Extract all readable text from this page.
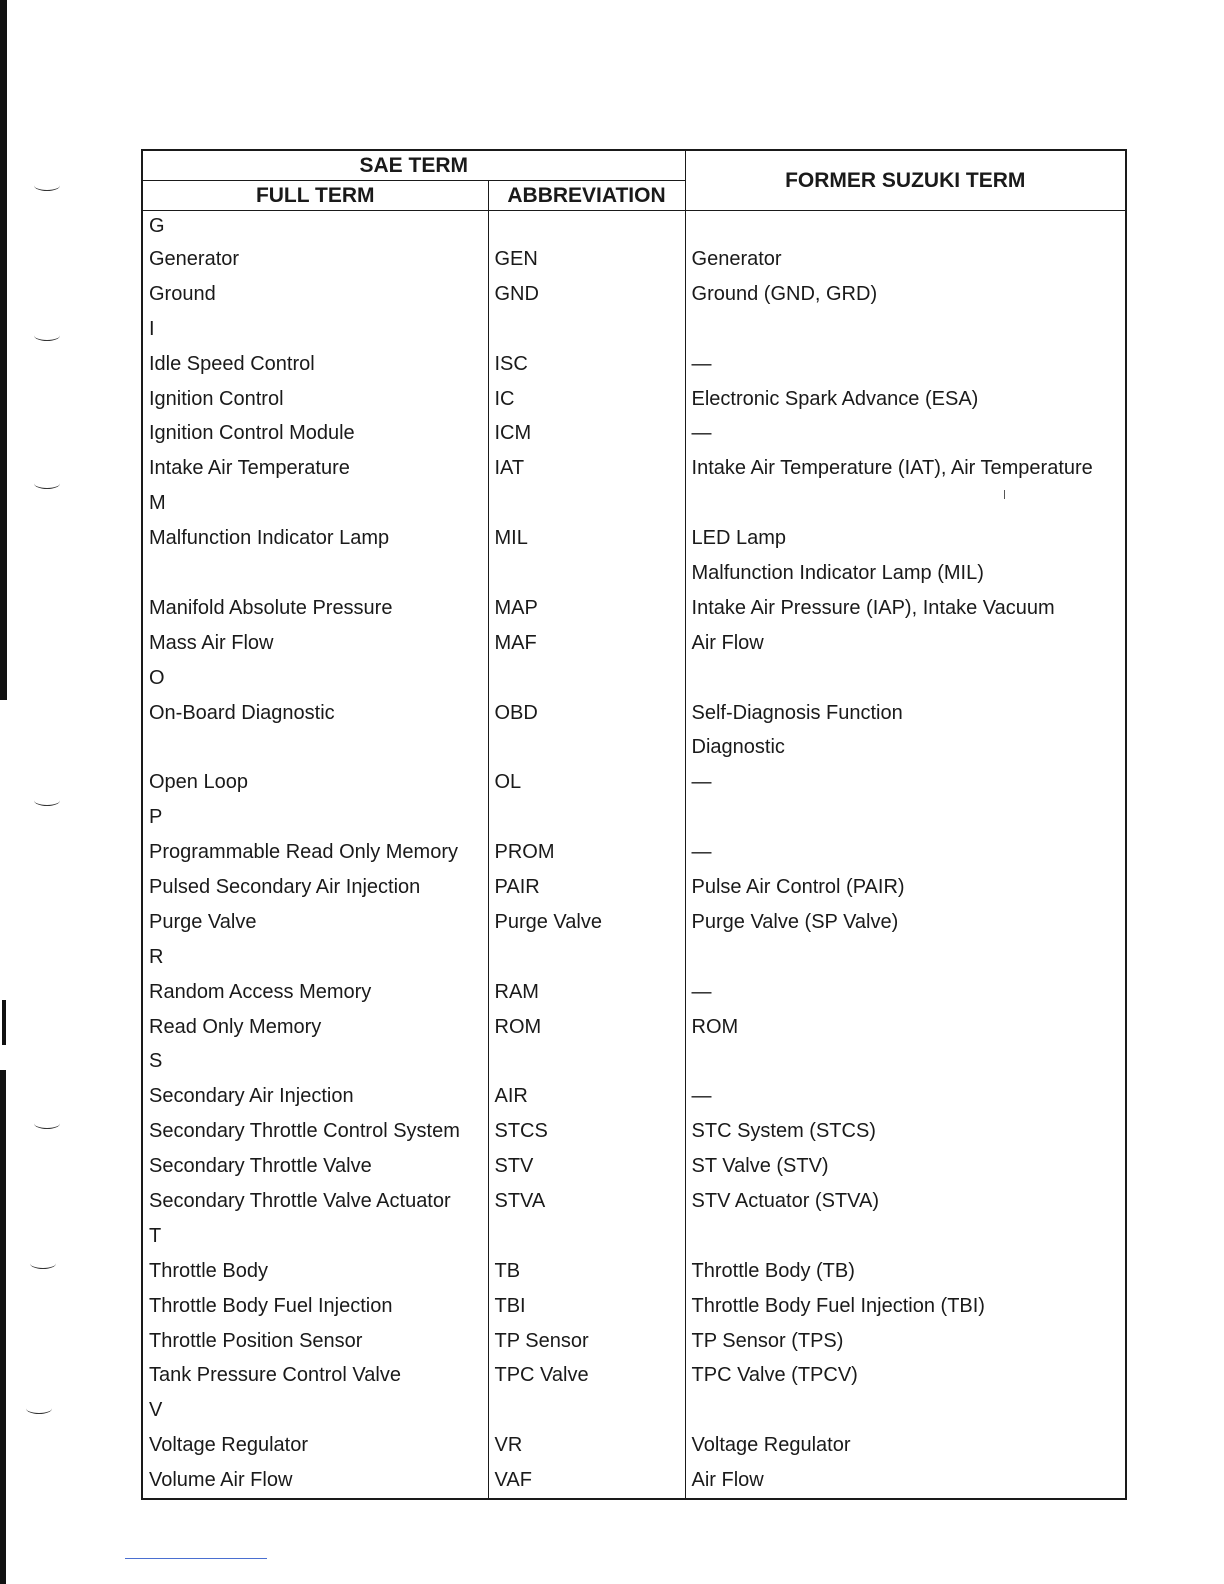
SAE TERM		FORMER SUZUKI TERM
FULL TERM	ABBREVIATION	
G		
Generator	GEN	Generator
Ground	GND	Ground (GND, GRD)
I		
Idle Speed Control	ISC	—
Ignition Control	IC	Electronic Spark Advance (ESA)
Ignition Control Module	ICM	—
Intake Air Temperature	IAT	Intake Air Temperature (IAT), Air Temperature
M		
Malfunction Indicator Lamp	MIL	LED Lamp
		Malfunction Indicator Lamp (MIL)
Manifold Absolute Pressure	MAP	Intake Air Pressure (IAP), Intake Vacuum
Mass Air Flow	MAF	Air Flow
O		
On-Board Diagnostic	OBD	Self-Diagnosis Function
		Diagnostic
Open Loop	OL	—
P		
Programmable Read Only Memory	PROM	—
Pulsed Secondary Air Injection	PAIR	Pulse Air Control (PAIR)
Purge Valve	Purge Valve	Purge Valve (SP Valve)
R		
Random Access Memory	RAM	—
Read Only Memory	ROM	ROM
S		
Secondary Air Injection	AIR	—
Secondary Throttle Control System	STCS	STC System (STCS)
Secondary Throttle Valve	STV	ST Valve (STV)
Secondary Throttle Valve Actuator	STVA	STV Actuator (STVA)
T		
Throttle Body	TB	Throttle Body (TB)
Throttle Body Fuel Injection	TBI	Throttle Body Fuel Injection (TBI)
Throttle Position Sensor	TP Sensor	TP Sensor (TPS)
Tank Pressure Control Valve	TPC Valve	TPC Valve (TPCV)
V		
Voltage Regulator	VR	Voltage Regulator
Volume Air Flow	VAF	Air Flow
